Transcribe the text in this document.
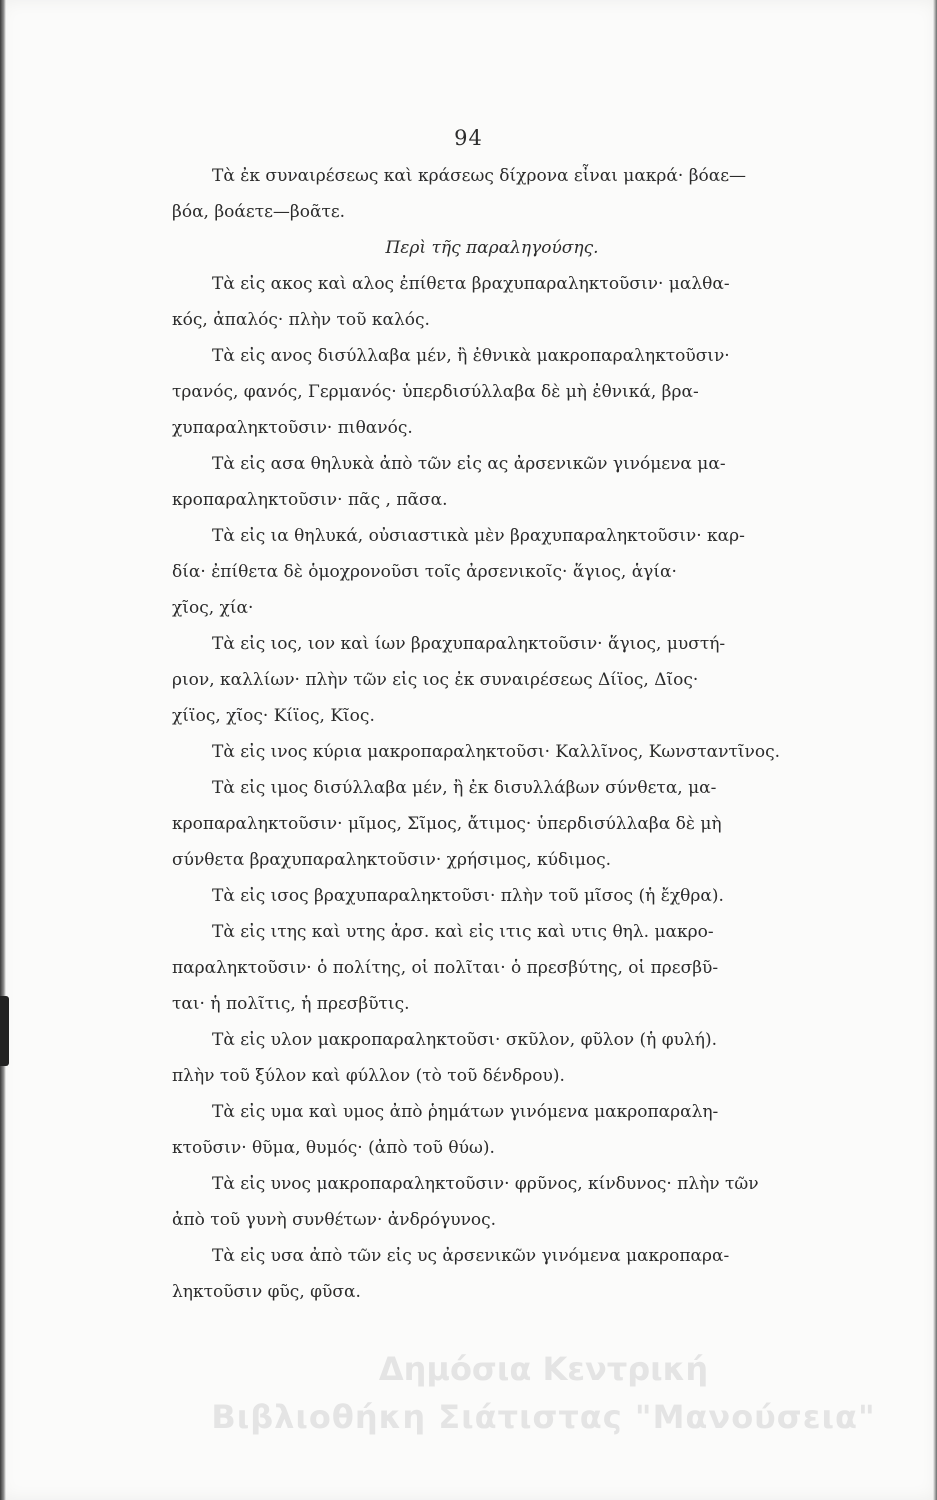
94
Τὰ ἐκ συναιρέσεως καὶ κράσεως δίχρονα εἶναι μακρά· βόαε—
βόα, βοάετε—βοᾶτε.
Περὶ τῆς παραληγούσης.
Τὰ εἰς ακος καὶ αλος ἐπίθετα βραχυπαραληκτοῦσιν· μαλθα-
κός, ἀπαλός· πλὴν τοῦ καλός.
Τὰ εἰς ανος δισύλλαβα μέν, ἢ ἐθνικὰ μακροπαραληκτοῦσιν·
τρανός, φανός, Γερμανός· ὑπερδισύλλαβα δὲ μὴ ἐθνικά, βρα-
χυπαραληκτοῦσιν· πιθανός.
Τὰ εἰς ασα θηλυκὰ ἀπὸ τῶν εἰς ας ἀρσενικῶν γινόμενα μα-
κροπαραληκτοῦσιν· πᾶς , πᾶσα.
Τὰ εἰς ια θηλυκά, οὐσιαστικὰ μὲν βραχυπαραληκτοῦσιν· καρ-
δία· ἐπίθετα δὲ ὁμοχρονοῦσι τοῖς ἀρσενικοῖς· ἅγιος, ἁγία·
χῖος, χία·
Τὰ εἰς ιος, ιον καὶ ίων βραχυπαραληκτοῦσιν· ἅγιος, μυστή-
ριον, καλλίων· πλὴν τῶν εἰς ιος ἐκ συναιρέσεως Δίϊος, Δῖος·
χίϊος, χῖος· Κίϊος, Κῖος.
Τὰ εἰς ινος κύρια μακροπαραληκτοῦσι· Καλλῖνος, Κωνσταντῖνος.
Τὰ εἰς ιμος δισύλλαβα μέν, ἢ ἐκ δισυλλάβων σύνθετα, μα-
κροπαραληκτοῦσιν· μῖμος, Σῖμος, ἄτιμος· ὑπερδισύλλαβα δὲ μὴ
σύνθετα βραχυπαραληκτοῦσιν· χρήσιμος, κύδιμος.
Τὰ εἰς ισος βραχυπαραληκτοῦσι· πλὴν τοῦ μῖσος (ἡ ἔχθρα).
Τὰ εἰς ιτης καὶ υτης ἀρσ. καὶ εἰς ιτις καὶ υτις θηλ. μακρο-
παραληκτοῦσιν· ὁ πολίτης, οἱ πολῖται· ὁ πρεσβύτης, οἱ πρεσβῦ-
ται· ἡ πολῖτις, ἡ πρεσβῦτις.
Τὰ εἰς υλον μακροπαραληκτοῦσι· σκῦλον, φῦλον (ἡ φυλή).
πλὴν τοῦ ξύλον καὶ φύλλον (τὸ τοῦ δένδρου).
Τὰ εἰς υμα καὶ υμος ἀπὸ ῥημάτων γινόμενα μακροπαραλη-
κτοῦσιν· θῦμα, θυμός· (ἀπὸ τοῦ θύω).
Τὰ εἰς υνος μακροπαραληκτοῦσιν· φρῦνος, κίνδυνος· πλὴν τῶν
ἀπὸ τοῦ γυνὴ συνθέτων· ἀνδρόγυνος.
Τὰ εἰς υσα ἀπὸ τῶν εἰς υς ἀρσενικῶν γινόμενα μακροπαρα-
ληκτοῦσιν φῦς, φῦσα.
Δημόσια Κεντρική
Βιβλιοθήκη Σιάτιστας "Μανούσεια"
